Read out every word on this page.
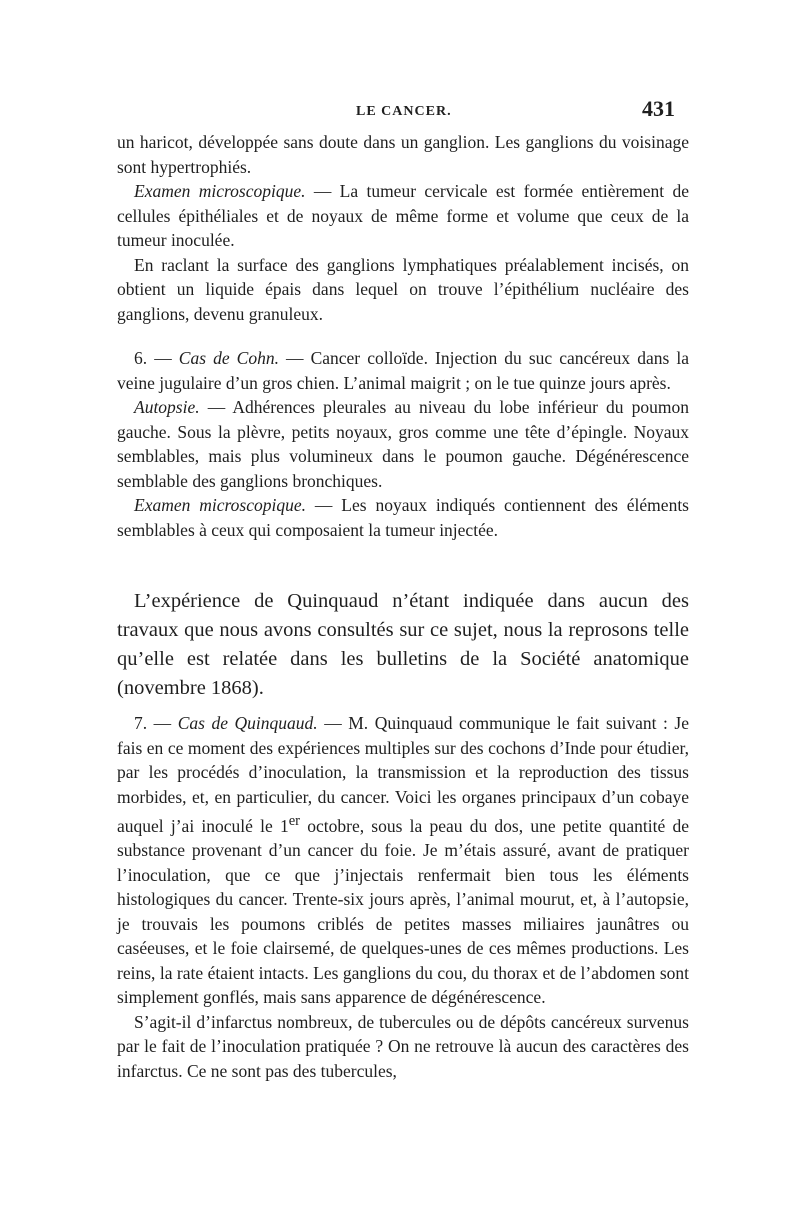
LE CANCER.	431

un haricot, développée sans doute dans un ganglion. Les ganglions du voisinage sont hypertrophiés.

Examen microscopique. — La tumeur cervicale est formée entièrement de cellules épithéliales et de noyaux de même forme et volume que ceux de la tumeur inoculée.

En raclant la surface des ganglions lymphatiques préalablement incisés, on obtient un liquide épais dans lequel on trouve l’épithélium nucléaire des ganglions, devenu granuleux.

6. — Cas de Cohn. — Cancer colloïde. Injection du suc cancéreux dans la veine jugulaire d’un gros chien. L’animal maigrit ; on le tue quinze jours après.

Autopsie. — Adhérences pleurales au niveau du lobe inférieur du poumon gauche. Sous la plèvre, petits noyaux, gros comme une tête d’épingle. Noyaux semblables, mais plus volumineux dans le poumon gauche. Dégénérescence semblable des ganglions bronchiques.

Examen microscopique. — Les noyaux indiqués contiennent des éléments semblables à ceux qui composaient la tumeur injectée.

L’expérience de Quinquaud n’étant indiquée dans aucun des travaux que nous avons consultés sur ce sujet, nous la reprosons telle qu’elle est relatée dans les bulletins de la Société anatomique (novembre 1868).

7. — Cas de Quinquaud. — M. Quinquaud communique le fait suivant : Je fais en ce moment des expériences multiples sur des cochons d’Inde pour étudier, par les procédés d’inoculation, la transmission et la reproduction des tissus morbides, et, en particulier, du cancer. Voici les organes principaux d’un cobaye auquel j’ai inoculé le 1er octobre, sous la peau du dos, une petite quantité de substance provenant d’un cancer du foie. Je m’étais assuré, avant de pratiquer l’inoculation, que ce que j’injectais renfermait bien tous les éléments histologiques du cancer. Trente-six jours après, l’animal mourut, et, à l’autopsie, je trouvais les poumons criblés de petites masses miliaires jaunâtres ou caséeuses, et le foie clairsemé, de quelques-unes de ces mêmes productions. Les reins, la rate étaient intacts. Les ganglions du cou, du thorax et de l’abdomen sont simplement gonflés, mais sans apparence de dégénérescence.

S’agit-il d’infarctus nombreux, de tubercules ou de dépôts cancéreux survenus par le fait de l’inoculation pratiquée ? On ne retrouve là aucun des caractères des infarctus. Ce ne sont pas des tubercules,
